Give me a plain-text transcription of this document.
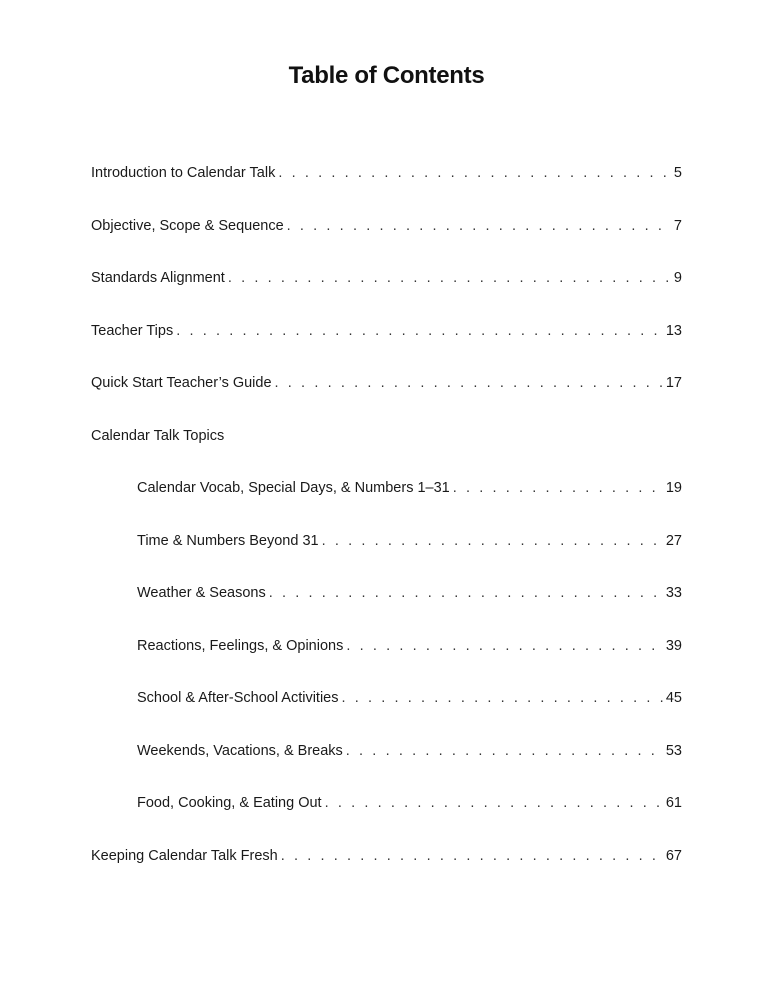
Table of Contents
Introduction to Calendar Talk . . .	5
Objective, Scope & Sequence . . .	7
Standards Alignment . . .	9
Teacher Tips . . .	13
Quick Start Teacher’s Guide . . .	17
Calendar Talk Topics
Calendar Vocab, Special Days, & Numbers 1–31 . . .	19
Time & Numbers Beyond 31 . . .	27
Weather & Seasons . . .	33
Reactions, Feelings, & Opinions . . .	39
School & After-School Activities . . .	45
Weekends, Vacations, & Breaks . . .	53
Food, Cooking, & Eating Out . . .	61
Keeping Calendar Talk Fresh . . .	67
